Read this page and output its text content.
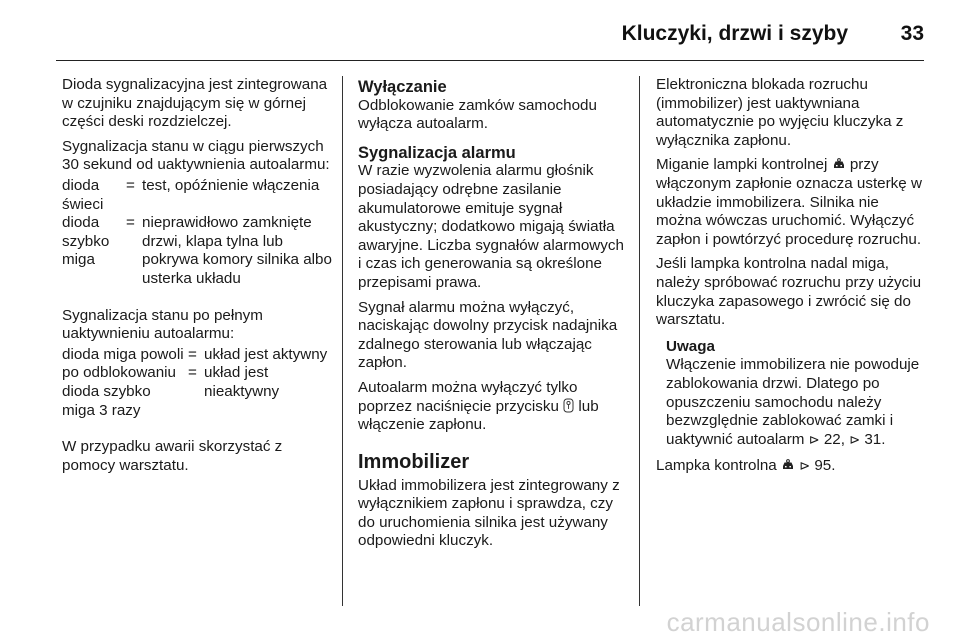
Kluczyki, drzwi i szyby	33

Dioda sygnalizacyjna jest zintegrowana w czujniku znajdującym się w górnej części deski rozdzielczej.

Sygnalizacja stanu w ciągu pierwszych 30 sekund od uaktywnienia autoalarmu:

dioda świeci
= test, opóźnienie włączenia
dioda szybko miga
= nieprawidłowo zamknięte drzwi, klapa tylna lub pokrywa komory silnika albo usterka układu

Sygnalizacja stanu po pełnym uaktywnieniu autoalarmu:

dioda miga powoli = układ jest aktywny
po odblokowaniu dioda szybko miga 3 razy
= układ jest nieaktywny

W przypadku awarii skorzystać z pomocy warsztatu.

Wyłączanie

Odblokowanie zamków samochodu wyłącza autoalarm.

Sygnalizacja alarmu

W razie wyzwolenia alarmu głośnik posiadający odrębne zasilanie akumulatorowe emituje sygnał akustyczny; dodatkowo migają światła awaryjne. Liczba sygnałów alarmowych i czas ich generowania są określone przepisami prawa.

Sygnał alarmu można wyłączyć, naciskając dowolny przycisk nadajnika zdalnego sterowania lub włączając zapłon.

Autoalarm można wyłączyć tylko poprzez naciśnięcie przycisku lub włączenie zapłonu.

Immobilizer

Układ immobilizera jest zintegrowany z wyłącznikiem zapłonu i sprawdza, czy do uruchomienia silnika jest używany odpowiedni kluczyk.

Elektroniczna blokada rozruchu (immobilizer) jest uaktywniana automatycznie po wyjęciu kluczyka z wyłącznika zapłonu.

Miganie lampki kontrolnej przy włączonym zapłonie oznacza usterkę w układzie immobilizera. Silnika nie można wówczas uruchomić. Wyłączyć zapłon i powtórzyć procedurę rozruchu.

Jeśli lampka kontrolna nadal miga, należy spróbować rozruchu przy użyciu kluczyka zapasowego i zwrócić się do warsztatu.

Uwaga
Włączenie immobilizera nie powoduje zablokowania drzwi. Dlatego po opuszczeniu samochodu należy bezwzględnie zablokować zamki i uaktywnić autoalarm ⊳ 22, ⊳ 31.

Lampka kontrolna ⊳ 95.

carmanualsonline.info
